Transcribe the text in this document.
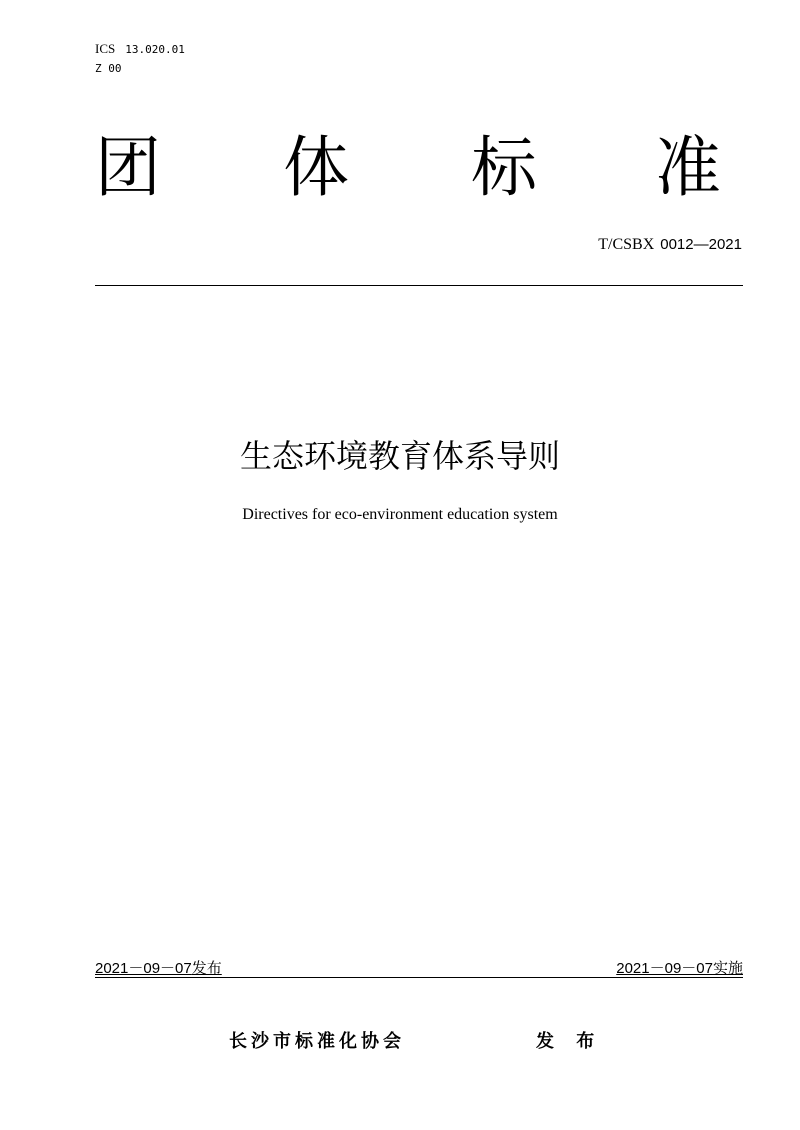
ICS 13.020.01
Z 00
团 体 标 准
T/CSBX 0012—2021
生态环境教育体系导则
Directives for eco-environment education system
2021－09－07发布	2021－09－07实施
长沙市标准化协会	发 布
